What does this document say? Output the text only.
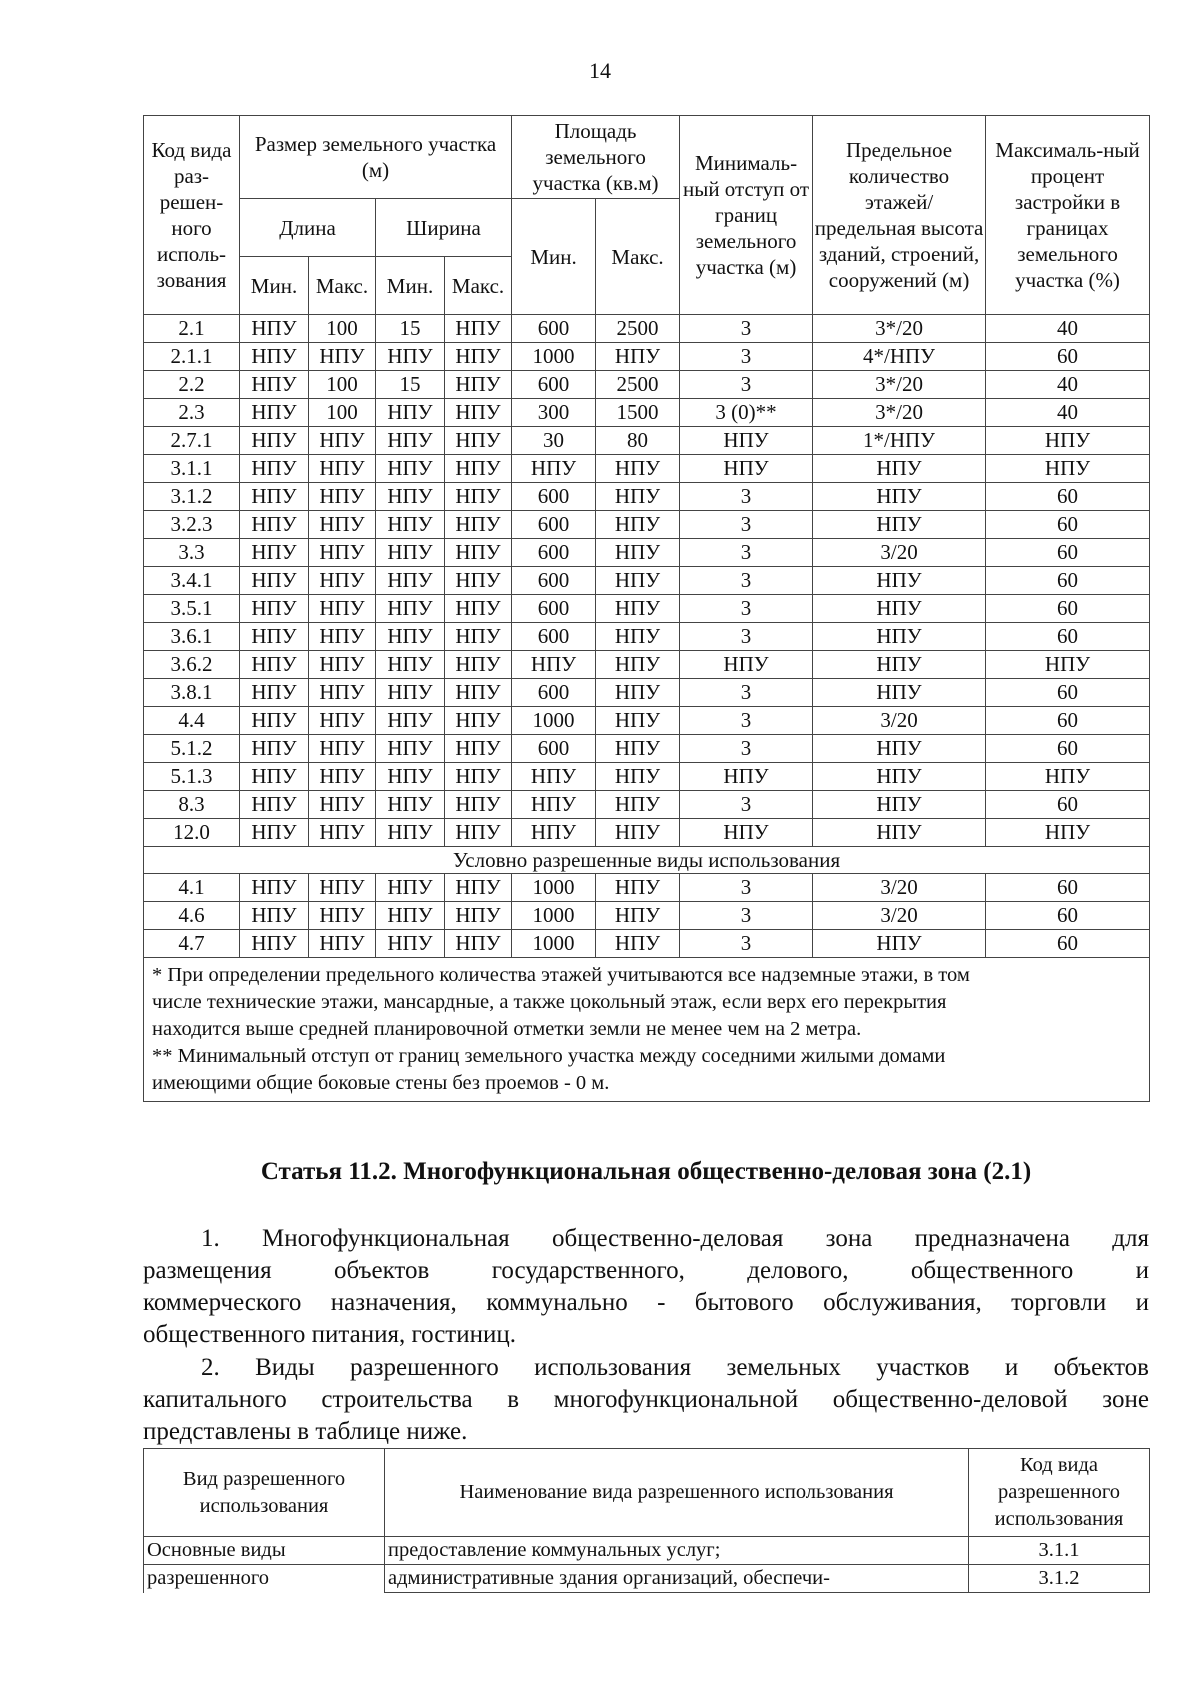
14
Код вида раз-решен-ного исполь-зования	Размер земельного участка (м)				Площадь земельного участка (кв.м)		Минималь-ный отступ от границ земельного участка (м)	Предельное количество этажей/ предельная высота зданий, строений, сооружений (м)	Максималь-ный процент застройки в границах земельного участка (%)
	Длина		Ширина		Мин.	Макс.			
	Мин.	Макс.	Мин.	Макс.					
2.1	НПУ	100	15	НПУ	600	2500	3	3*/20	40
2.1.1	НПУ	НПУ	НПУ	НПУ	1000	НПУ	3	4*/НПУ	60
2.2	НПУ	100	15	НПУ	600	2500	3	3*/20	40
2.3	НПУ	100	НПУ	НПУ	300	1500	3 (0)**	3*/20	40
2.7.1	НПУ	НПУ	НПУ	НПУ	30	80	НПУ	1*/НПУ	НПУ
3.1.1	НПУ	НПУ	НПУ	НПУ	НПУ	НПУ	НПУ	НПУ	НПУ
3.1.2	НПУ	НПУ	НПУ	НПУ	600	НПУ	3	НПУ	60
3.2.3	НПУ	НПУ	НПУ	НПУ	600	НПУ	3	НПУ	60
3.3	НПУ	НПУ	НПУ	НПУ	600	НПУ	3	3/20	60
3.4.1	НПУ	НПУ	НПУ	НПУ	600	НПУ	3	НПУ	60
3.5.1	НПУ	НПУ	НПУ	НПУ	600	НПУ	3	НПУ	60
3.6.1	НПУ	НПУ	НПУ	НПУ	600	НПУ	3	НПУ	60
3.6.2	НПУ	НПУ	НПУ	НПУ	НПУ	НПУ	НПУ	НПУ	НПУ
3.8.1	НПУ	НПУ	НПУ	НПУ	600	НПУ	3	НПУ	60
4.4	НПУ	НПУ	НПУ	НПУ	1000	НПУ	3	3/20	60
5.1.2	НПУ	НПУ	НПУ	НПУ	600	НПУ	3	НПУ	60
5.1.3	НПУ	НПУ	НПУ	НПУ	НПУ	НПУ	НПУ	НПУ	НПУ
8.3	НПУ	НПУ	НПУ	НПУ	НПУ	НПУ	3	НПУ	60
12.0	НПУ	НПУ	НПУ	НПУ	НПУ	НПУ	НПУ	НПУ	НПУ
Условно разрешенные виды использования									
4.1	НПУ	НПУ	НПУ	НПУ	1000	НПУ	3	3/20	60
4.6	НПУ	НПУ	НПУ	НПУ	1000	НПУ	3	3/20	60
4.7	НПУ	НПУ	НПУ	НПУ	1000	НПУ	3	НПУ	60

* При определении предельного количества этажей учитываются все надземные этажи, в том
числе технические этажи, мансардные, а также цокольный этаж, если верх его перекрытия
находится выше средней планировочной отметки земли не менее чем на 2 метра.
** Минимальный отступ от границ земельного участка между соседними жилыми домами
имеющими общие боковые стены без проемов - 0 м.									
Статья 11.2. Многофункциональная общественно-деловая зона (2.1)
1. Многофункциональная общественно-деловая зона предназначена для
размещения объектов государственного, делового, общественного и
коммерческого назначения, коммунально - бытового обслуживания, торговли и
общественного питания, гостиниц.
2. Виды разрешенного использования земельных участков и объектов
капитального строительства в многофункциональной общественно-деловой зоне
представлены в таблице ниже.
Вид разрешенного использования	Наименование вида разрешенного использования	Код вида разрешенного использования
Основные виды	предоставление коммунальных услуг;	3.1.1
разрешенного	административные здания организаций, обеспечи-	3.1.2
